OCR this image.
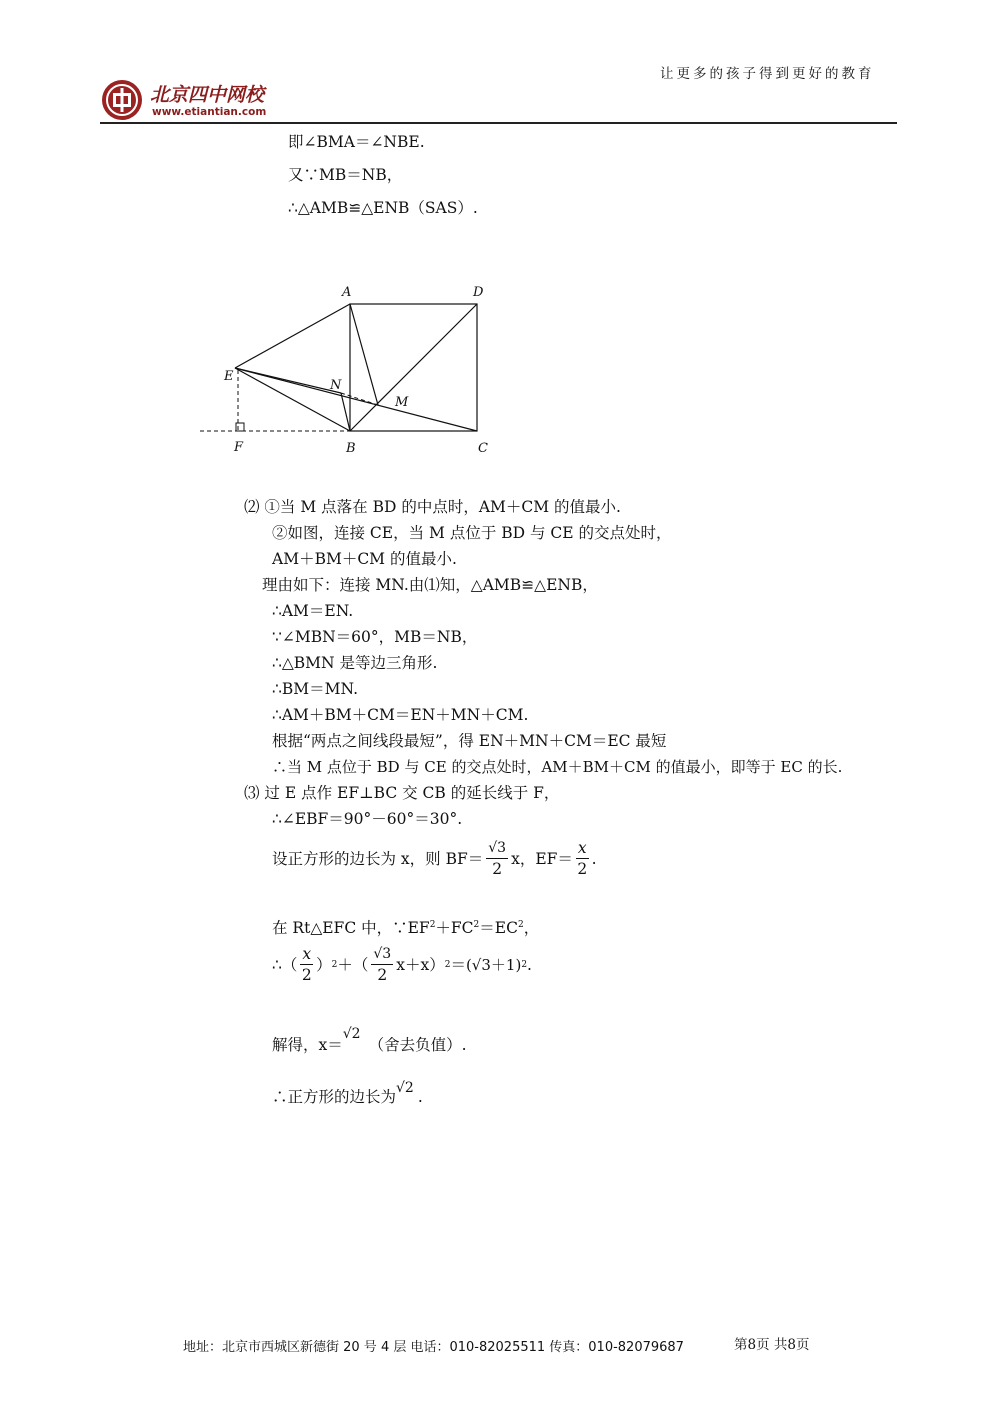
北京四中网校
www.etiantian.com
让更多的孩子得到更好的教育
即∠BMA＝∠NBE.
又∵MB＝NB，
∴△AMB≌△ENB（SAS）.
A	D
E
N
M
F	B	C
⑵ ①当 M 点落在 BD 的中点时，AM＋CM 的值最小.
②如图，连接 CE，当 M 点位于 BD 与 CE 的交点处时，
AM＋BM＋CM 的值最小.
理由如下：连接 MN.由⑴知，△AMB≌△ENB，
∴AM＝EN.
∵∠MBN＝60°，MB＝NB，
∴△BMN 是等边三角形.
∴BM＝MN.
∴AM＋BM＋CM＝EN＋MN＋CM.
根据“两点之间线段最短”，得 EN＋MN＋CM＝EC 最短
∴当 M 点位于 BD 与 CE 的交点处时，AM＋BM＋CM 的值最小，即等于 EC 的长.
⑶ 过 E 点作 EF⊥BC 交 CB 的延长线于 F，
∴∠EBF＝90°－60°＝30°.
设正方形的边长为 x，则 $BF= \frac{√3}{2}$ x，$EF= \frac{x}{2}$ .
在 Rt△EFC 中，$\because EF^2+FC^2=EC^2$，
∴（ $\frac{x}{2}$ ） 2 ＋（ $\frac{√3}{2} x+x$） 2 ＝ (√3＋1) 2 .
解得，x＝√2（舍去负值）.
∴正方形的边长为√2 .
地址：北京市西城区新德街 20 号 4 层 电话：010-82025511 传真：010-82079687	第8页 共8页
